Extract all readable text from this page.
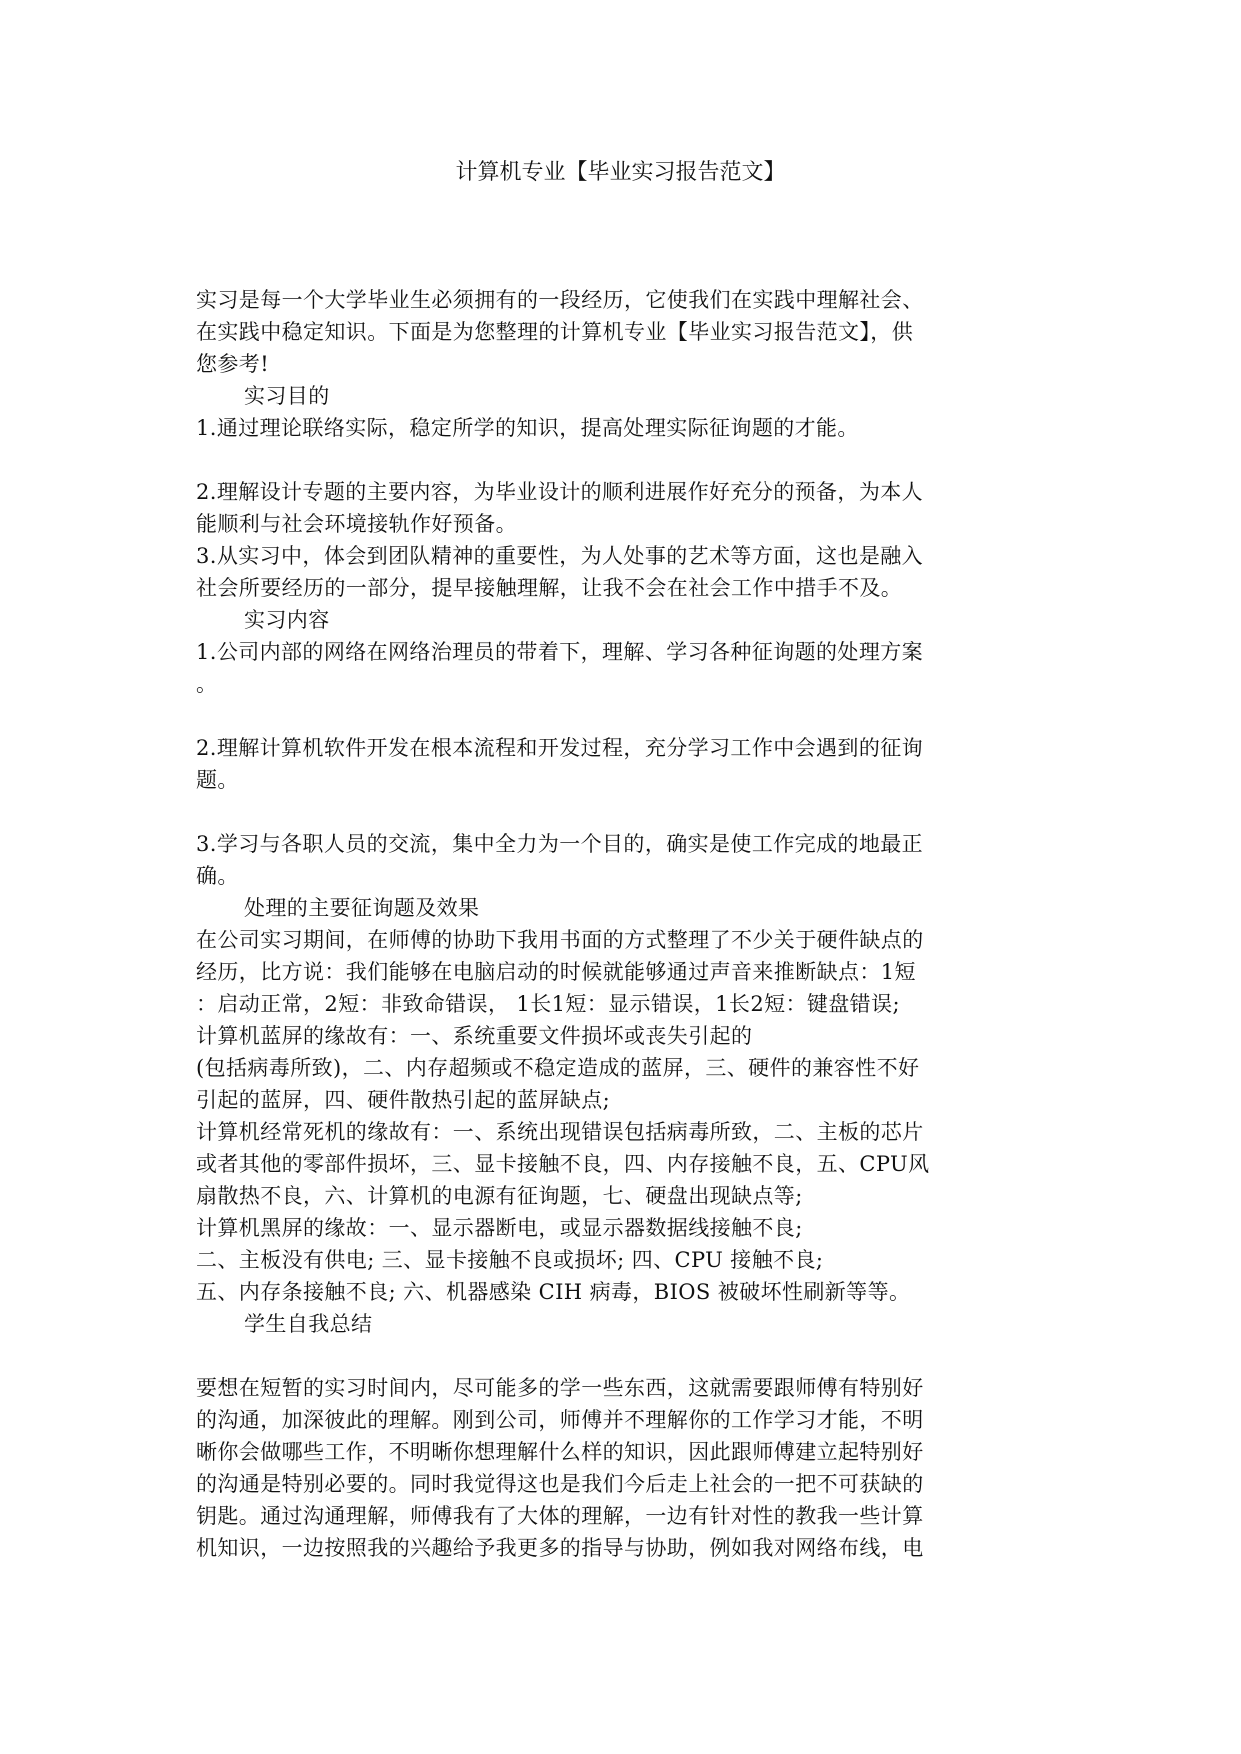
计算机专业【毕业实习报告范文】

实习是每一个大学毕业生必须拥有的一段经历，它使我们在实践中理解社会、

在实践中稳定知识。下面是为您整理的计算机专业【毕业实习报告范文】，供

您参考!

实习目的

1.通过理论联络实际，稳定所学的知识，提高处理实际征询题的才能。

2.理解设计专题的主要内容，为毕业设计的顺利进展作好充分的预备，为本人

能顺利与社会环境接轨作好预备。

3.从实习中，体会到团队精神的重要性，为人处事的艺术等方面，这也是融入

社会所要经历的一部分，提早接触理解，让我不会在社会工作中措手不及。

实习内容

1.公司内部的网络在网络治理员的带着下，理解、学习各种征询题的处理方案

。

2.理解计算机软件开发在根本流程和开发过程，充分学习工作中会遇到的征询

题。

3.学习与各职人员的交流，集中全力为一个目的，确实是使工作完成的地最正

确。

处理的主要征询题及效果

在公司实习期间，在师傅的协助下我用书面的方式整理了不少关于硬件缺点的

经历，比方说：我们能够在电脑启动的时候就能够通过声音来推断缺点：1短

：启动正常，2短：非致命错误， 1长1短：显示错误，1长2短：键盘错误;

计算机蓝屏的缘故有：一、系统重要文件损坏或丧失引起的

(包括病毒所致)，二、内存超频或不稳定造成的蓝屏，三、硬件的兼容性不好

引起的蓝屏，四、硬件散热引起的蓝屏缺点;

计算机经常死机的缘故有：一、系统出现错误包括病毒所致，二、主板的芯片

或者其他的零部件损坏，三、显卡接触不良，四、内存接触不良，五、CPU风

扇散热不良，六、计算机的电源有征询题，七、硬盘出现缺点等;

计算机黑屏的缘故：一、显示器断电，或显示器数据线接触不良;

二、主板没有供电; 三、显卡接触不良或损坏; 四、CPU 接触不良;

五、内存条接触不良; 六、机器感染 CIH 病毒，BIOS 被破坏性刷新等等。

学生自我总结

要想在短暂的实习时间内，尽可能多的学一些东西，这就需要跟师傅有特别好

的沟通，加深彼此的理解。刚到公司，师傅并不理解你的工作学习才能，不明

晰你会做哪些工作，不明晰你想理解什么样的知识，因此跟师傅建立起特别好

的沟通是特别必要的。同时我觉得这也是我们今后走上社会的一把不可获缺的

钥匙。通过沟通理解，师傅我有了大体的理解，一边有针对性的教我一些计算

机知识，一边按照我的兴趣给予我更多的指导与协助，例如我对网络布线，电
